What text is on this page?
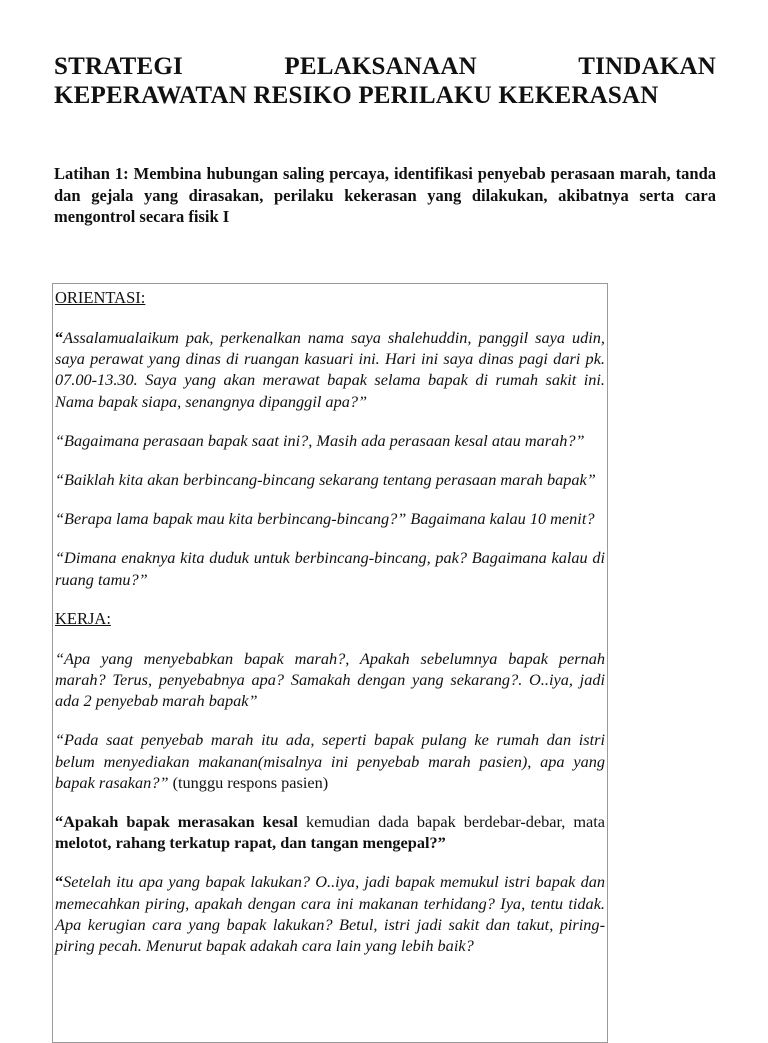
STRATEGI	PELAKSANAAN	TINDAKAN
KEPERAWATAN RESIKO PERILAKU KEKERASAN
Latihan 1: Membina hubungan saling percaya, identifikasi penyebab perasaan marah, tanda dan gejala yang dirasakan, perilaku kekerasan yang dilakukan, akibatnya serta cara mengontrol secara fisik I
ORIENTASI:
“Assalamualaikum pak, perkenalkan nama saya shalehuddin, panggil saya udin, saya perawat yang dinas di ruangan kasuari ini. Hari ini saya dinas pagi dari pk. 07.00-13.30. Saya yang akan merawat bapak selama bapak di rumah sakit ini. Nama bapak siapa, senangnya dipanggil apa?”
“Bagaimana perasaan bapak saat ini?, Masih ada perasaan kesal atau marah?”
“Baiklah kita akan berbincang-bincang sekarang tentang perasaan marah bapak”
“Berapa lama bapak mau kita berbincang-bincang?” Bagaimana kalau 10 menit?
“Dimana enaknya kita duduk untuk berbincang-bincang, pak? Bagaimana kalau di ruang tamu?”
KERJA:
“Apa yang menyebabkan bapak marah?, Apakah sebelumnya bapak pernah marah? Terus, penyebabnya apa? Samakah dengan yang sekarang?. O..iya, jadi ada 2 penyebab marah bapak”
“Pada saat penyebab marah itu ada, seperti bapak pulang ke rumah dan istri belum menyediakan makanan(misalnya ini penyebab marah pasien), apa yang bapak rasakan?” (tunggu respons pasien)
“Apakah bapak merasakan kesal kemudian dada bapak berdebar-debar, mata melotot, rahang terkatup rapat, dan tangan mengepal?”
“Setelah itu apa yang bapak lakukan? O..iya, jadi bapak memukul istri bapak dan memecahkan piring, apakah dengan cara ini makanan terhidang? Iya, tentu tidak. Apa kerugian cara yang bapak lakukan? Betul, istri jadi sakit dan takut, piring-piring pecah. Menurut bapak adakah cara lain yang lebih baik?
